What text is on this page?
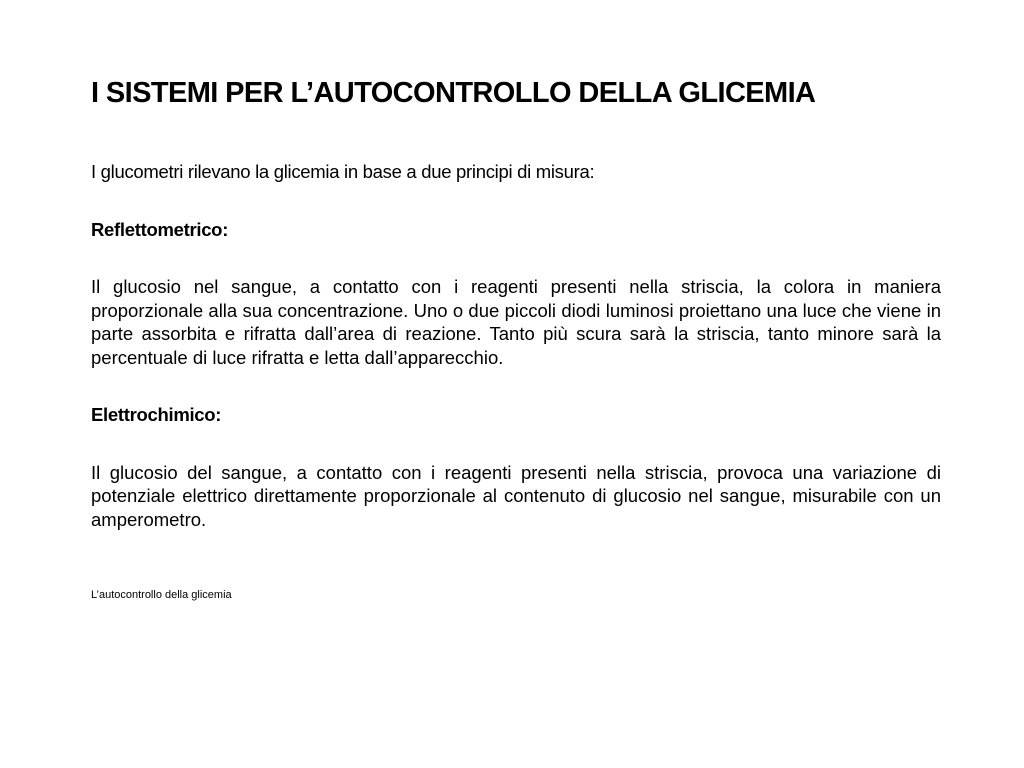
I SISTEMI PER L’AUTOCONTROLLO DELLA GLICEMIA

I glucometri rilevano la glicemia in base a due principi di misura:

Reflettometrico:

Il glucosio nel sangue, a contatto con i reagenti presenti nella striscia, la colora in maniera proporzionale alla sua concentrazione. Uno o due piccoli diodi luminosi proiettano una luce che viene in parte assorbita e rifratta dall’area di reazione. Tanto più scura sarà la striscia, tanto minore sarà la percentuale di luce rifratta e letta dall’apparecchio.

Elettrochimico:

Il glucosio del sangue, a contatto con i reagenti presenti nella striscia, provoca una variazione di potenziale elettrico direttamente proporzionale al contenuto di glucosio nel sangue, misurabile con un amperometro.

L’autocontrollo della glicemia
